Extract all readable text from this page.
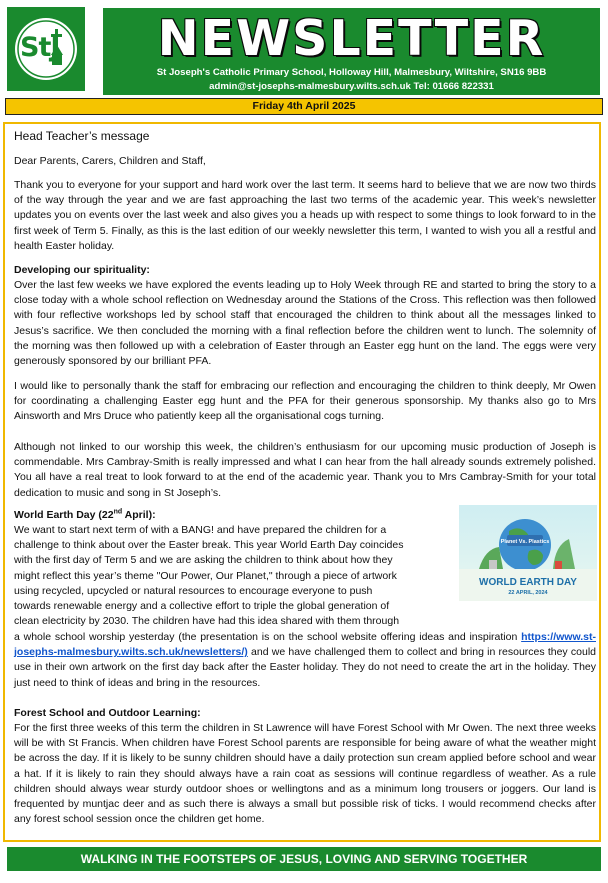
StJ	NEWSLETTER
St Joseph's Catholic Primary School, Holloway Hill, Malmesbury, Wiltshire, SN16 9BB
admin@st-josephs-malmesbury.wilts.sch.uk Tel: 01666 822331
Friday 4th April 2025
Head Teacher’s message

Dear Parents, Carers, Children and Staff,

Thank you to everyone for your support and hard work over the last term. It seems hard to believe that we are now two thirds of the way through the year and we are fast approaching the last two terms of the academic year. This week’s newsletter updates you on events over the last week and also gives you a heads up with respect to some things to look forward to in the first week of Term 5. Finally, as this is the last edition of our weekly newsletter this term, I wanted to wish you all a restful and health Easter holiday.

Developing our spirituality:

Over the last few weeks we have explored the events leading up to Holy Week through RE and started to bring the story to a close today with a whole school reflection on Wednesday around the Stations of the Cross. This reflection was then followed with four reflective workshops led by school staff that encouraged the children to think about all the messages linked to Jesus’s sacrifice. We then concluded the morning with a final reflection before the children went to lunch. The solemnity of the morning was then followed up with a celebration of Easter through an Easter egg hunt on the land. The eggs were very generously sponsored by our brilliant PFA.

I would like to personally thank the staff for embracing our reflection and encouraging the children to think deeply, Mr Owen for coordinating a challenging Easter egg hunt and the PFA for their generous sponsorship. My thanks also go to Mrs Ainsworth and Mrs Druce who patiently keep all the organisational cogs turning.

Although not linked to our worship this week, the children’s enthusiasm for our upcoming music production of Joseph is commendable. Mrs Cambray-Smith is really impressed and what I can hear from the hall already sounds extremely polished. You all have a real treat to look forward to at the end of the academic year. Thank you to Mrs Cambray-Smith for your total dedication to music and song in St Joseph’s.

World Earth Day (22nd April):

We want to start next term of with a BANG! and have prepared the children for a
challenge to think about over the Easter break. This year World Earth Day coincides
with the first day of Term 5 and we are asking the children to think about how they
might reflect this year’s theme "Our Power, Our Planet," through a piece of artwork
using recycled, upcycled or natural resources to encourage everyone to push
towards renewable energy and a collective effort to triple the global generation of
clean electricity by 2030. The children have had this idea shared with them through

a whole school worship yesterday (the presentation is on the school website offering ideas and inspiration https://www.st-josephs-malmesbury.wilts.sch.uk/newsletters/) and we have challenged them to collect and bring in resources they could use in their own artwork on the first day back after the Easter holiday. They do not need to create the art in the holiday. They just need to think of ideas and bring in the resources.

Planet Vs. Plastics
WORLD EARTH DAY
22 APRIL, 2024

Forest School and Outdoor Learning:

For the first three weeks of this term the children in St Lawrence will have Forest School with Mr Owen. The next three weeks will be with St Francis. When children have Forest School parents are responsible for being aware of what the weather might be across the day. If it is likely to be sunny children should have a daily protection sun cream applied before school and wear a hat. If it is likely to rain they should always have a rain coat as sessions will continue regardless of weather. As a rule children should always wear sturdy outdoor shoes or wellingtons and as a minimum long trousers or joggers. Our land is frequented by muntjac deer and as such there is always a small but possible risk of ticks. I would recommend checks after any forest school session once the children get home.

WALKING IN THE FOOTSTEPS OF JESUS, LOVING AND SERVING TOGETHER
